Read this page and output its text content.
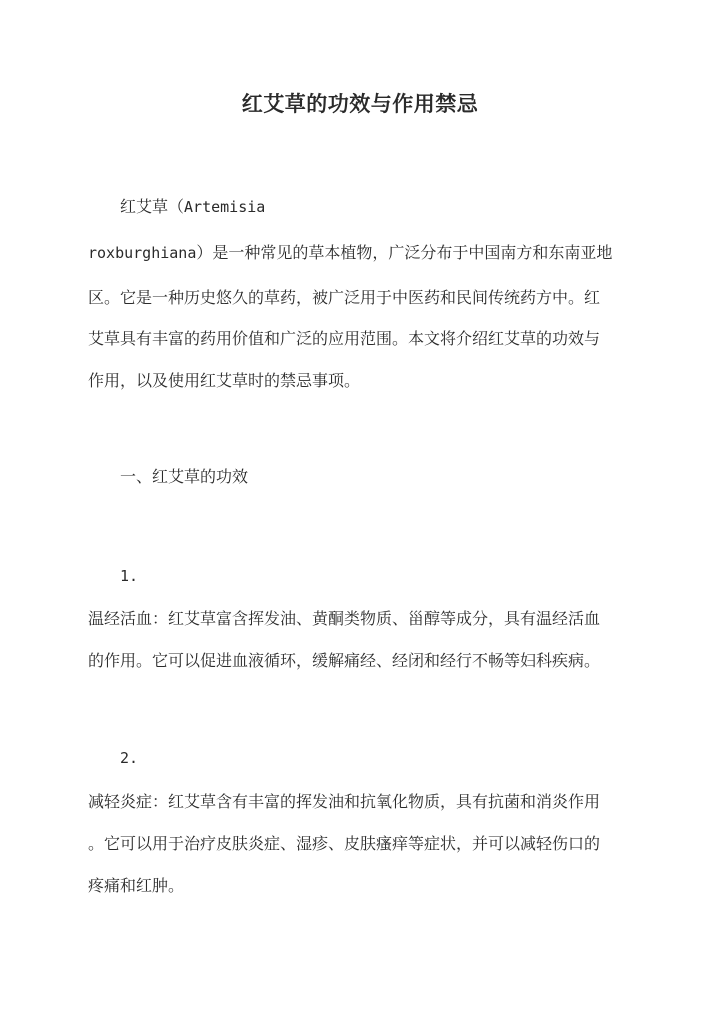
红艾草的功效与作用禁忌
红艾草（Artemisia
roxburghiana）是一种常见的草本植物，广泛分布于中国南方和东南亚地
区。它是一种历史悠久的草药，被广泛用于中医药和民间传统药方中。红
艾草具有丰富的药用价值和广泛的应用范围。本文将介绍红艾草的功效与
作用，以及使用红艾草时的禁忌事项。
一、红艾草的功效
1.
温经活血：红艾草富含挥发油、黄酮类物质、甾醇等成分，具有温经活血
的作用。它可以促进血液循环，缓解痛经、经闭和经行不畅等妇科疾病。
2.
减轻炎症：红艾草含有丰富的挥发油和抗氧化物质，具有抗菌和消炎作用
。它可以用于治疗皮肤炎症、湿疹、皮肤瘙痒等症状，并可以减轻伤口的
疼痛和红肿。
